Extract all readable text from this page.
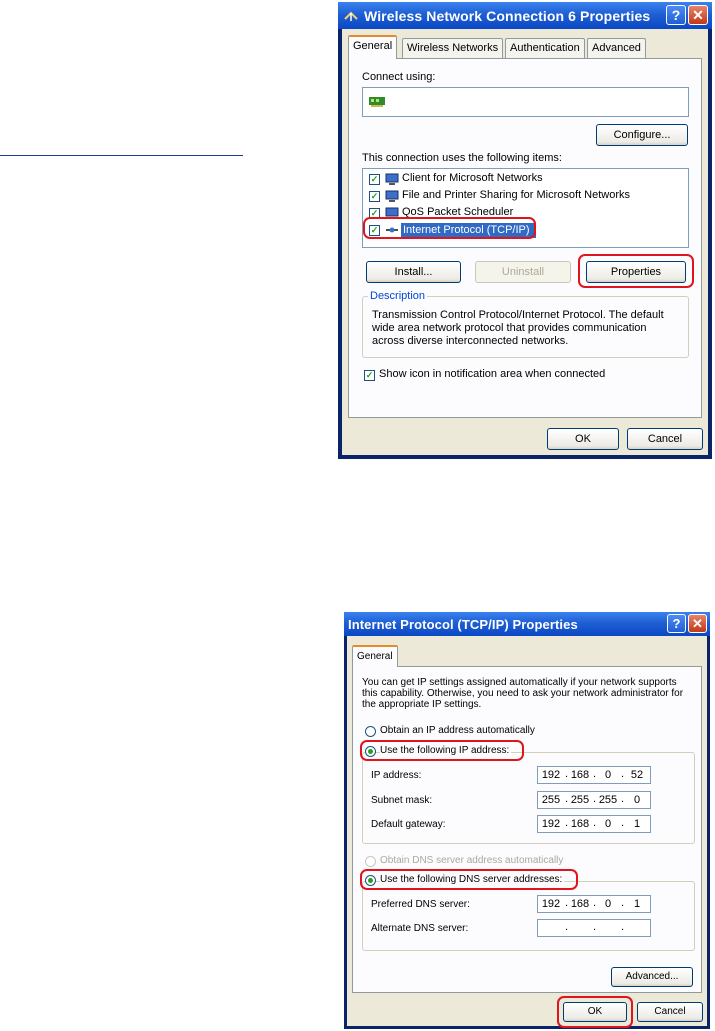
Wireless Network Connection 6 Properties	? ✕
General	Wireless Networks	Authentication	Advanced
Connect using:
Configure...
This connection uses the following items:
✓ Client for Microsoft Networks
✓ File and Printer Sharing for Microsoft Networks
✓ QoS Packet Scheduler
✓ Internet Protocol (TCP/IP)
Install...	Uninstall	Properties
Description
Transmission Control Protocol/Internet Protocol. The default wide area network protocol that provides communication across diverse interconnected networks.
✓ Show icon in notification area when connected
OK	Cancel
Internet Protocol (TCP/IP) Properties	? ✕
General
You can get IP settings assigned automatically if your network supports this capability. Otherwise, you need to ask your network administrator for the appropriate IP settings.
Obtain an IP address automatically
Use the following IP address:
IP address:	192 . 168 . 0 . 52
Subnet mask:	255 . 255 . 255 . 0
Default gateway:	192 . 168 . 0 . 1
Obtain DNS server address automatically
Use the following DNS server addresses:
Preferred DNS server:	192 . 168 . 0 . 1
Alternate DNS server:	. . .
Advanced...
OK	Cancel
